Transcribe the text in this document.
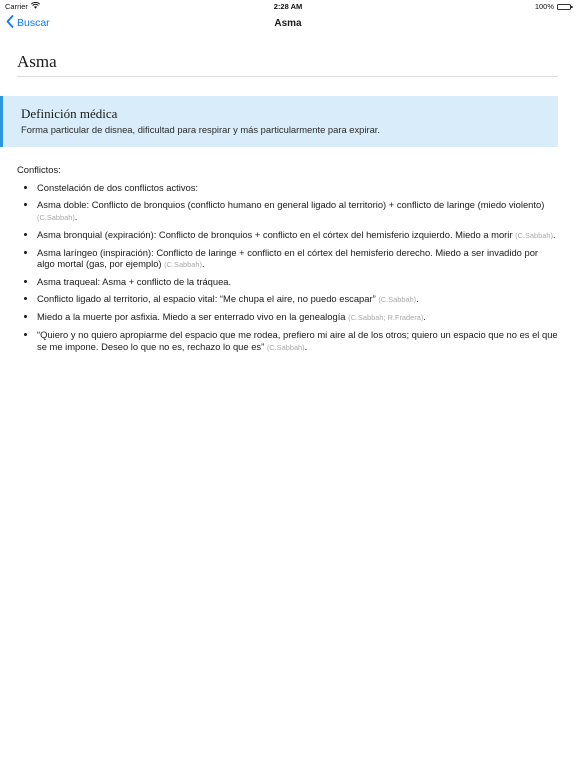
Carrier	2:28 AM	100%
Buscar	Asma
Asma
Definición médica
Forma particular de disnea, dificultad para respirar y más particularmente para expirar.
Conflictos:
• Constelación de dos conflictos activos:
• Asma doble: Conflicto de bronquios (conflicto humano en general ligado al territorio) + conflicto de laringe (miedo violento) (C.Sabbah).
• Asma bronquial (expiración): Conflicto de bronquios + conflicto en el córtex del hemisferio izquierdo. Miedo a morir (C.Sabbah).
• Asma laríngeo (inspiración): Conflicto de laringe + conflicto en el córtex del hemisferio derecho. Miedo a ser invadido por algo mortal (gas, por ejemplo) (C.Sabbah).
• Asma traqueal: Asma + conflicto de la tráquea.
• Conflicto ligado al territorio, al espacio vital: “Me chupa el aire, no puedo escapar” (C.Sabbah).
• Miedo a la muerte por asfixia. Miedo a ser enterrado vivo en la genealogía (C.Sabbah; R.Fradera).
• “Quiero y no quiero apropiarme del espacio que me rodea, prefiero mi aire al de los otros; quiero un espacio que no es el que se me impone. Deseo lo que no es, rechazo lo que es” (C.Sabbah).
